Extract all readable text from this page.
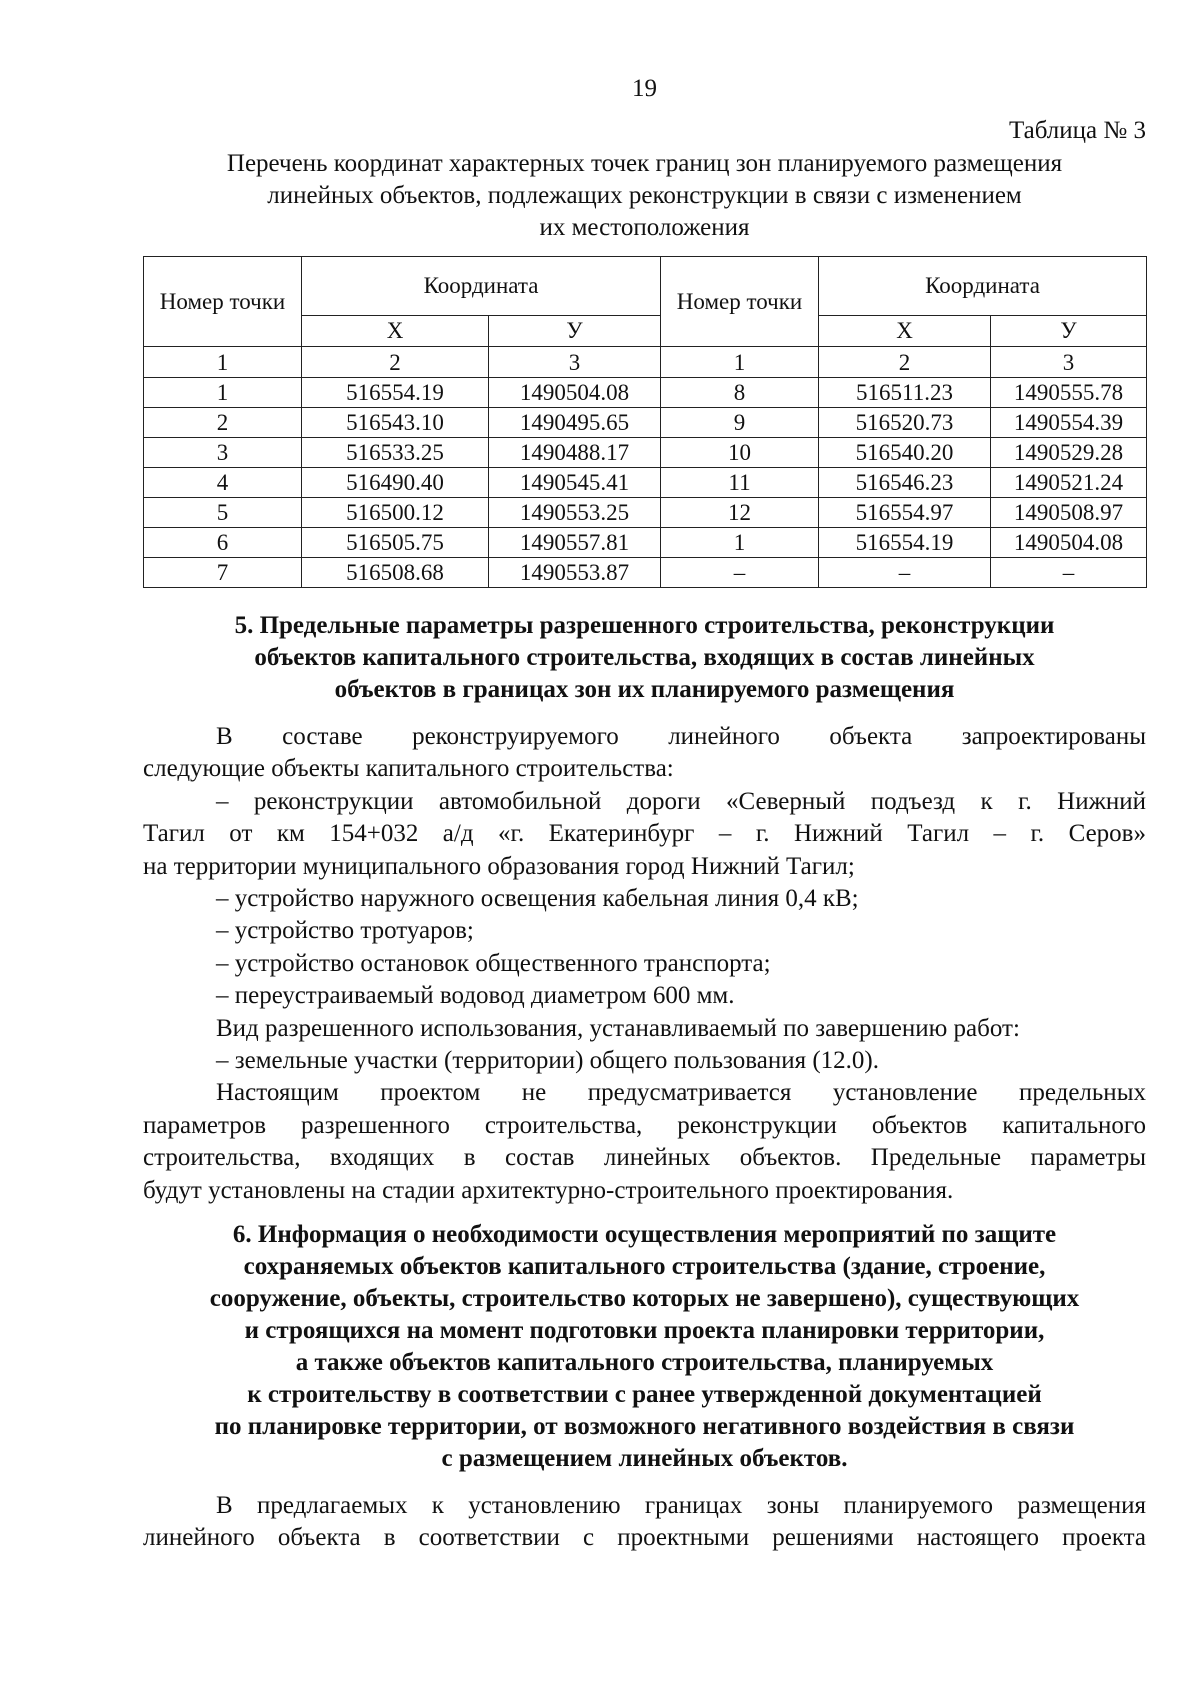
19
Таблица № 3
Перечень координат характерных точек границ зон планируемого размещения
линейных объектов, подлежащих реконструкции в связи с изменением
их местоположения
Номер точки	Координата		Номер точки	Координата	
	Х	У		Х	У
1	2	3	1	2	3
1	516554.19	1490504.08	8	516511.23	1490555.78
2	516543.10	1490495.65	9	516520.73	1490554.39
3	516533.25	1490488.17	10	516540.20	1490529.28
4	516490.40	1490545.41	11	516546.23	1490521.24
5	516500.12	1490553.25	12	516554.97	1490508.97
6	516505.75	1490557.81	1	516554.19	1490504.08
7	516508.68	1490553.87	–	–	–
5. Предельные параметры разрешенного строительства, реконструкции
объектов капитального строительства, входящих в состав линейных
объектов в границах зон их планируемого размещения
В составе реконструируемого линейного объекта запроектированы
следующие объекты капитального строительства:
– реконструкции автомобильной дороги «Северный подъезд к г. Нижний
Тагил от км 154+032 а/д «г. Екатеринбург – г. Нижний Тагил – г. Серов»
на территории муниципального образования город Нижний Тагил;
– устройство наружного освещения кабельная линия 0,4 кВ;
– устройство тротуаров;
– устройство остановок общественного транспорта;
– переустраиваемый водовод диаметром 600 мм.
Вид разрешенного использования, устанавливаемый по завершению работ:
– земельные участки (территории) общего пользования (12.0).
Настоящим проектом не предусматривается установление предельных
параметров разрешенного строительства, реконструкции объектов капитального
строительства, входящих в состав линейных объектов. Предельные параметры
будут установлены на стадии архитектурно-строительного проектирования.
6. Информация о необходимости осуществления мероприятий по защите
сохраняемых объектов капитального строительства (здание, строение,
сооружение, объекты, строительство которых не завершено), существующих
и строящихся на момент подготовки проекта планировки территории,
а также объектов капитального строительства, планируемых
к строительству в соответствии с ранее утвержденной документацией
по планировке территории, от возможного негативного воздействия в связи
с размещением линейных объектов.
В предлагаемых к установлению границах зоны планируемого размещения
линейного объекта в соответствии с проектными решениями настоящего проекта
